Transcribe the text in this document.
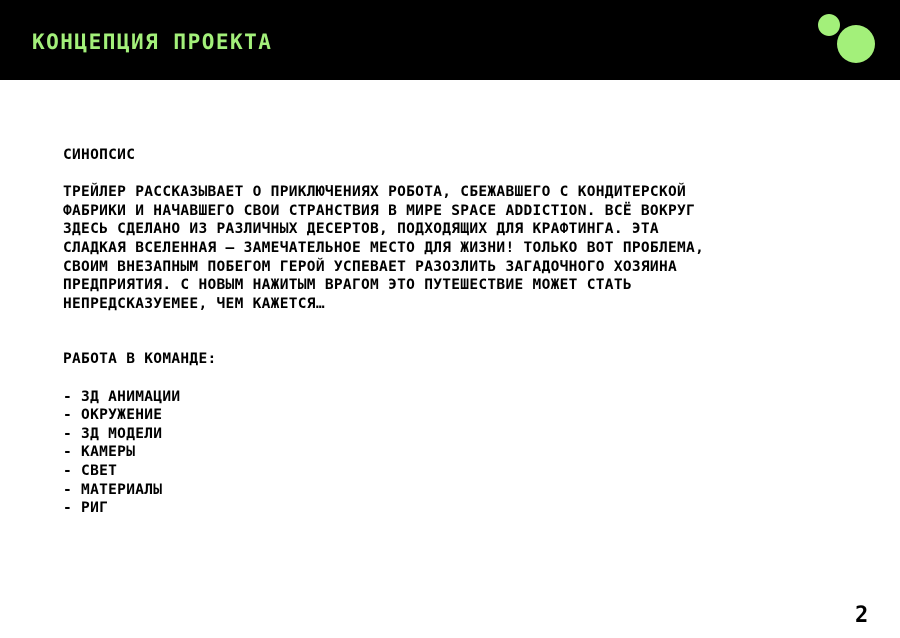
КОНЦЕПЦИЯ ПРОЕКТА

СИНОПСИС

ТРЕЙЛЕР РАССКАЗЫВАЕТ О ПРИКЛЮЧЕНИЯХ РОБОТА, СБЕЖАВШЕГО С КОНДИТЕРСКОЙ
ФАБРИКИ И НАЧАВШЕГО СВОИ СТРАНСТВИЯ В МИРЕ SPACE ADDICTION. ВСЁ ВОКРУГ
ЗДЕСЬ СДЕЛАНО ИЗ РАЗЛИЧНЫХ ДЕСЕРТОВ, ПОДХОДЯЩИХ ДЛЯ КРАФТИНГА. ЭТА
СЛАДКАЯ ВСЕЛЕННАЯ – ЗАМЕЧАТЕЛЬНОЕ МЕСТО ДЛЯ ЖИЗНИ! ТОЛЬКО ВОТ ПРОБЛЕМА,
СВОИМ ВНЕЗАПНЫМ ПОБЕГОМ ГЕРОЙ УСПЕВАЕТ РАЗОЗЛИТЬ ЗАГАДОЧНОГО ХОЗЯИНА
ПРЕДПРИЯТИЯ. С НОВЫМ НАЖИТЫМ ВРАГОМ ЭТО ПУТЕШЕСТВИЕ МОЖЕТ СТАТЬ
НЕПРЕДСКАЗУЕМЕЕ, ЧЕМ КАЖЕТСЯ…

РАБОТА В КОМАНДЕ:

- 3Д АНИМАЦИИ
- ОКРУЖЕНИЕ
- 3Д МОДЕЛИ
- КАМЕРЫ
- СВЕТ
- МАТЕРИАЛЫ
- РИГ
2
